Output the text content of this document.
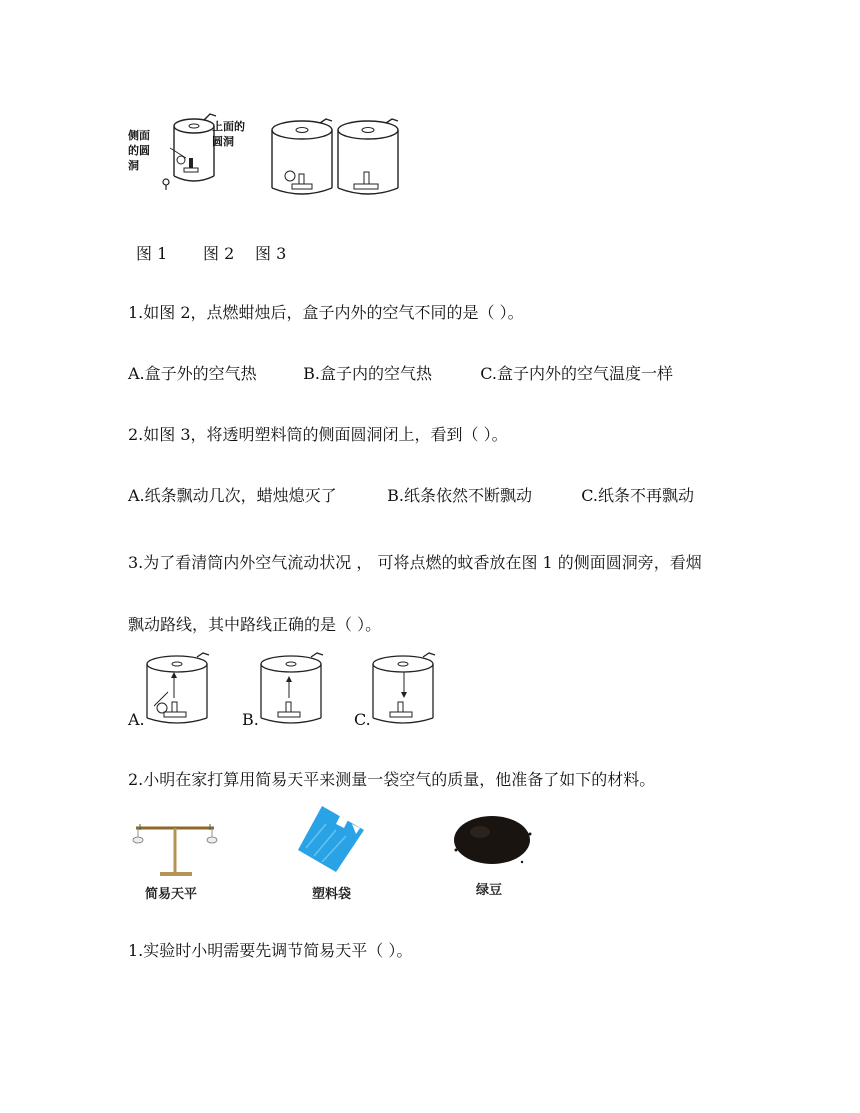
侧面的圆洞
上面的圆洞
图 1 图 2 图 3
1.如图 2，点燃蚶烛后，盒子内外的空气不同的是（ ）。
A.盒子外的空气热	B.盒子内的空气热	C.盒子内外的空气温度一样
2.如图 3，将透明塑料筒的侧面圆洞闭上，看到（ ）。
A.纸条飘动几次，蜡烛熄灭了	B.纸条依然不断飘动	C.纸条不再飘动
3.为了看清筒内外空气流动状况 ， 可将点燃的蚊香放在图 1 的侧面圆洞旁，看烟
飘动路线，其中路线正确的是（ ）。
A.	B.	C.
2.小明在家打算用简易天平来测量一袋空气的质量，他准备了如下的材料。
简易天平	塑料袋	绿豆
1.实验时小明需要先调节简易天平（ ）。
